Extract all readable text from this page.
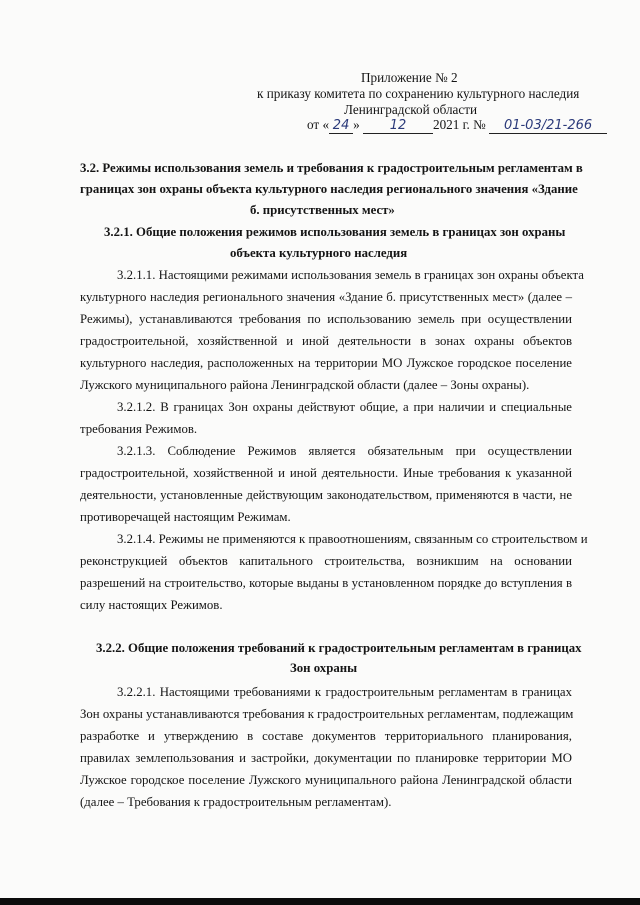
Приложение № 2
к приказу комитета по сохранению культурного наследия
Ленинградской области
от « 24 » 12 2021 г. № 01-03/21-266
3.2. Режимы использования земель и требования к градостроительным регламентам в
границах зон охраны объекта культурного наследия регионального значения «Здание
б. присутственных мест»
3.2.1. Общие положения режимов использования земель в границах зон охраны
объекта культурного наследия
3.2.1.1. Настоящими режимами использования земель в границах зон охраны объекта
культурного наследия регионального значения «Здание б. присутственных мест» (далее –
Режимы), устанавливаются требования по использованию земель при осуществлении
градостроительной, хозяйственной и иной деятельности в зонах охраны объектов
культурного наследия, расположенных на территории МО Лужское городское поселение
Лужского муниципального района Ленинградской области (далее – Зоны охраны).
3.2.1.2. В границах Зон охраны действуют общие, а при наличии и специальные
требования Режимов.
3.2.1.3. Соблюдение Режимов является обязательным при осуществлении
градостроительной, хозяйственной и иной деятельности. Иные требования к указанной
деятельности, установленные действующим законодательством, применяются в части, не
противоречащей настоящим Режимам.
3.2.1.4. Режимы не применяются к правоотношениям, связанным со строительством и
реконструкцией объектов капитального строительства, возникшим на основании
разрешений на строительство, которые выданы в установленном порядке до вступления в
силу настоящих Режимов.
3.2.2. Общие положения требований к градостроительным регламентам в границах
Зон охраны
3.2.2.1. Настоящими требованиями к градостроительным регламентам в границах
Зон охраны устанавливаются требования к градостроительных регламентам, подлежащим
разработке и утверждению в составе документов территориального планирования,
правилах землепользования и застройки, документации по планировке территории МО
Лужское городское поселение Лужского муниципального района Ленинградской области
(далее – Требования к градостроительным регламентам).
